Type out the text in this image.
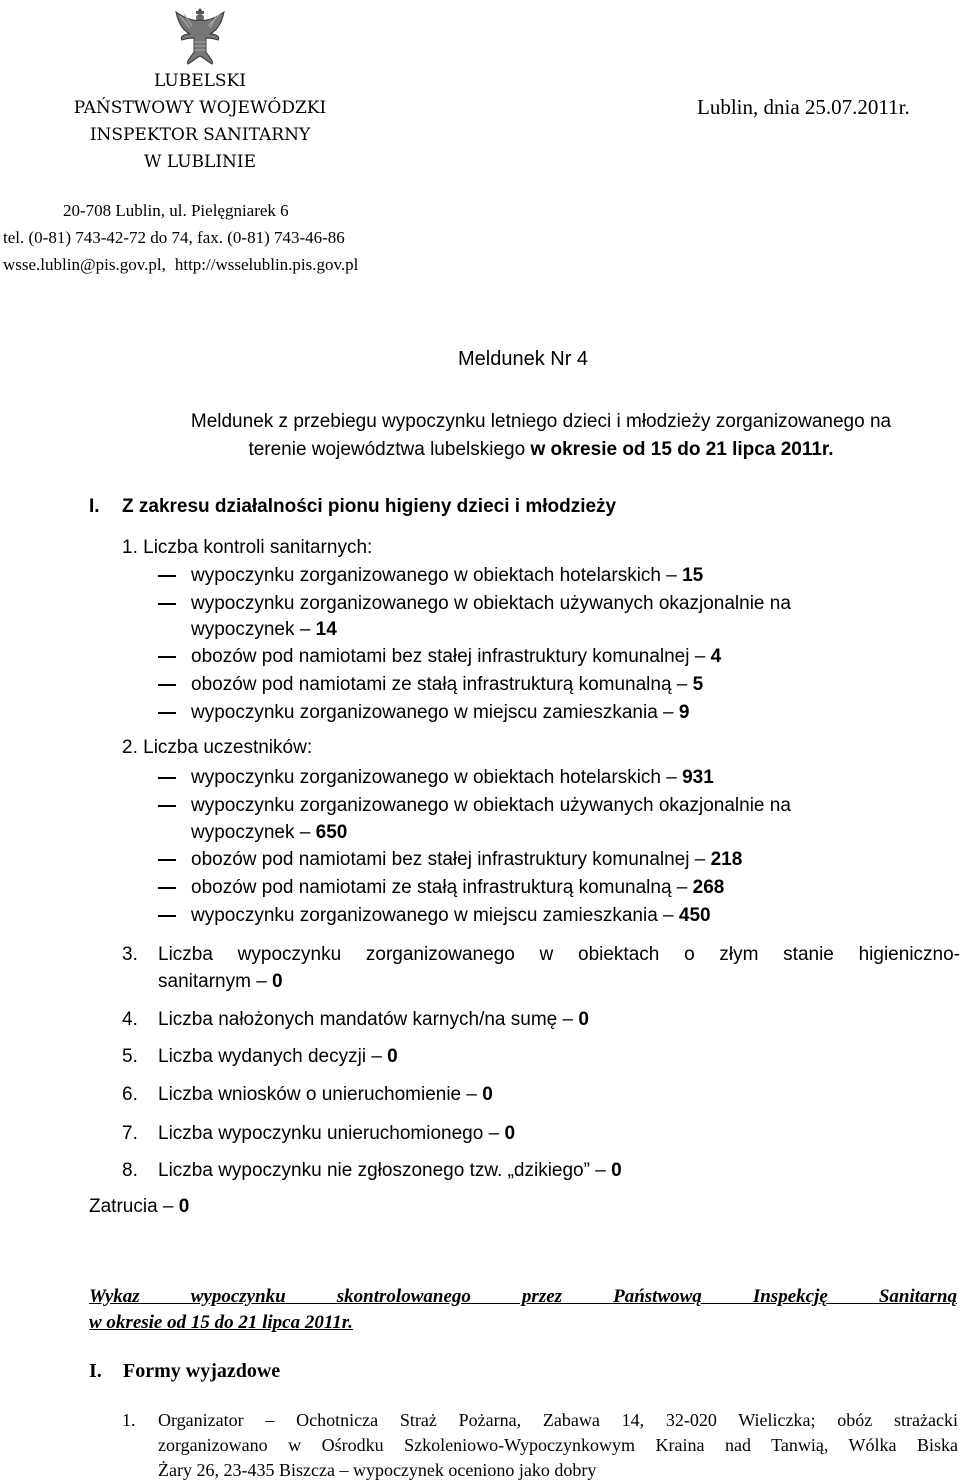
LUBELSKI
PAŃSTWOWY WOJEWÓDZKI
INSPEKTOR SANITARNY
W LUBLINIE
Lublin, dnia 25.07.2011r.
20-708 Lublin, ul. Pielęgniarek 6
tel. (0-81) 743-42-72 do 74, fax. (0-81) 743-46-86
wsse.lublin@pis.gov.pl, http://wsselublin.pis.gov.pl
Meldunek Nr 4
Meldunek z przebiegu wypoczynku letniego dzieci i młodzieży zorganizowanego na
terenie województwa lubelskiego w okresie od 15 do 21 lipca 2011r.
I. Z zakresu działalności pionu higieny dzieci i młodzieży
1. Liczba kontroli sanitarnych:
wypoczynku zorganizowanego w obiektach hotelarskich – 15
wypoczynku zorganizowanego w obiektach używanych okazjonalnie na
wypoczynek – 14
obozów pod namiotami bez stałej infrastruktury komunalnej – 4
obozów pod namiotami ze stałą infrastrukturą komunalną – 5
wypoczynku zorganizowanego w miejscu zamieszkania – 9
2. Liczba uczestników:
wypoczynku zorganizowanego w obiektach hotelarskich – 931
wypoczynku zorganizowanego w obiektach używanych okazjonalnie na
wypoczynek – 650
obozów pod namiotami bez stałej infrastruktury komunalnej – 218
obozów pod namiotami ze stałą infrastrukturą komunalną – 268
wypoczynku zorganizowanego w miejscu zamieszkania – 450
3. Liczba wypoczynku zorganizowanego w obiektach o złym stanie higieniczno-
sanitarnym – 0
4. Liczba nałożonych mandatów karnych/na sumę – 0
5. Liczba wydanych decyzji – 0
6. Liczba wniosków o unieruchomienie – 0
7. Liczba wypoczynku unieruchomionego – 0
8. Liczba wypoczynku nie zgłoszonego tzw. „dzikiego” – 0
Zatrucia – 0
Wykaz wypoczynku skontrolowanego przez Państwową Inspekcję Sanitarną
w okresie od 15 do 21 lipca 2011r.
I. Formy wyjazdowe
1. Organizator – Ochotnicza Straż Pożarna, Zabawa 14, 32-020 Wieliczka; obóz strażacki
zorganizowano w Ośrodku Szkoleniowo-Wypoczynkowym Kraina nad Tanwią, Wólka Biska
Żary 26, 23-435 Biszcza – wypoczynek oceniono jako dobry
